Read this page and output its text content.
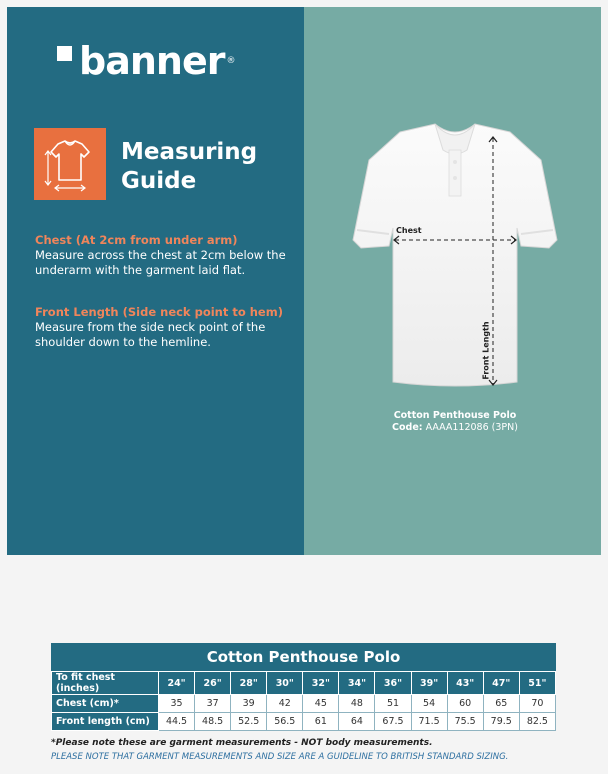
banner ®
Measuring
Guide
Chest (At 2cm from under arm)
Measure across the chest at 2cm below the underarm with the garment laid flat.
Front Length (Side neck point to hem)
Measure from the side neck point of the shoulder down to the hemline.
Chest
Front Length
Cotton Penthouse Polo
Code: AAAA112086 (3PN)
Cotton Penthouse Polo
To fit chest (inches)	24"	26"	28"	30"	32"	34"	36"	39"	43"	47"	51"
Chest (cm)*	35	37	39	42	45	48	51	54	60	65	70
Front length (cm)	44.5	48.5	52.5	56.5	61	64	67.5	71.5	75.5	79.5	82.5
*Please note these are garment measurements - NOT body measurements.
PLEASE NOTE THAT GARMENT MEASUREMENTS AND SIZE ARE A GUIDELINE TO BRITISH STANDARD SIZING.
